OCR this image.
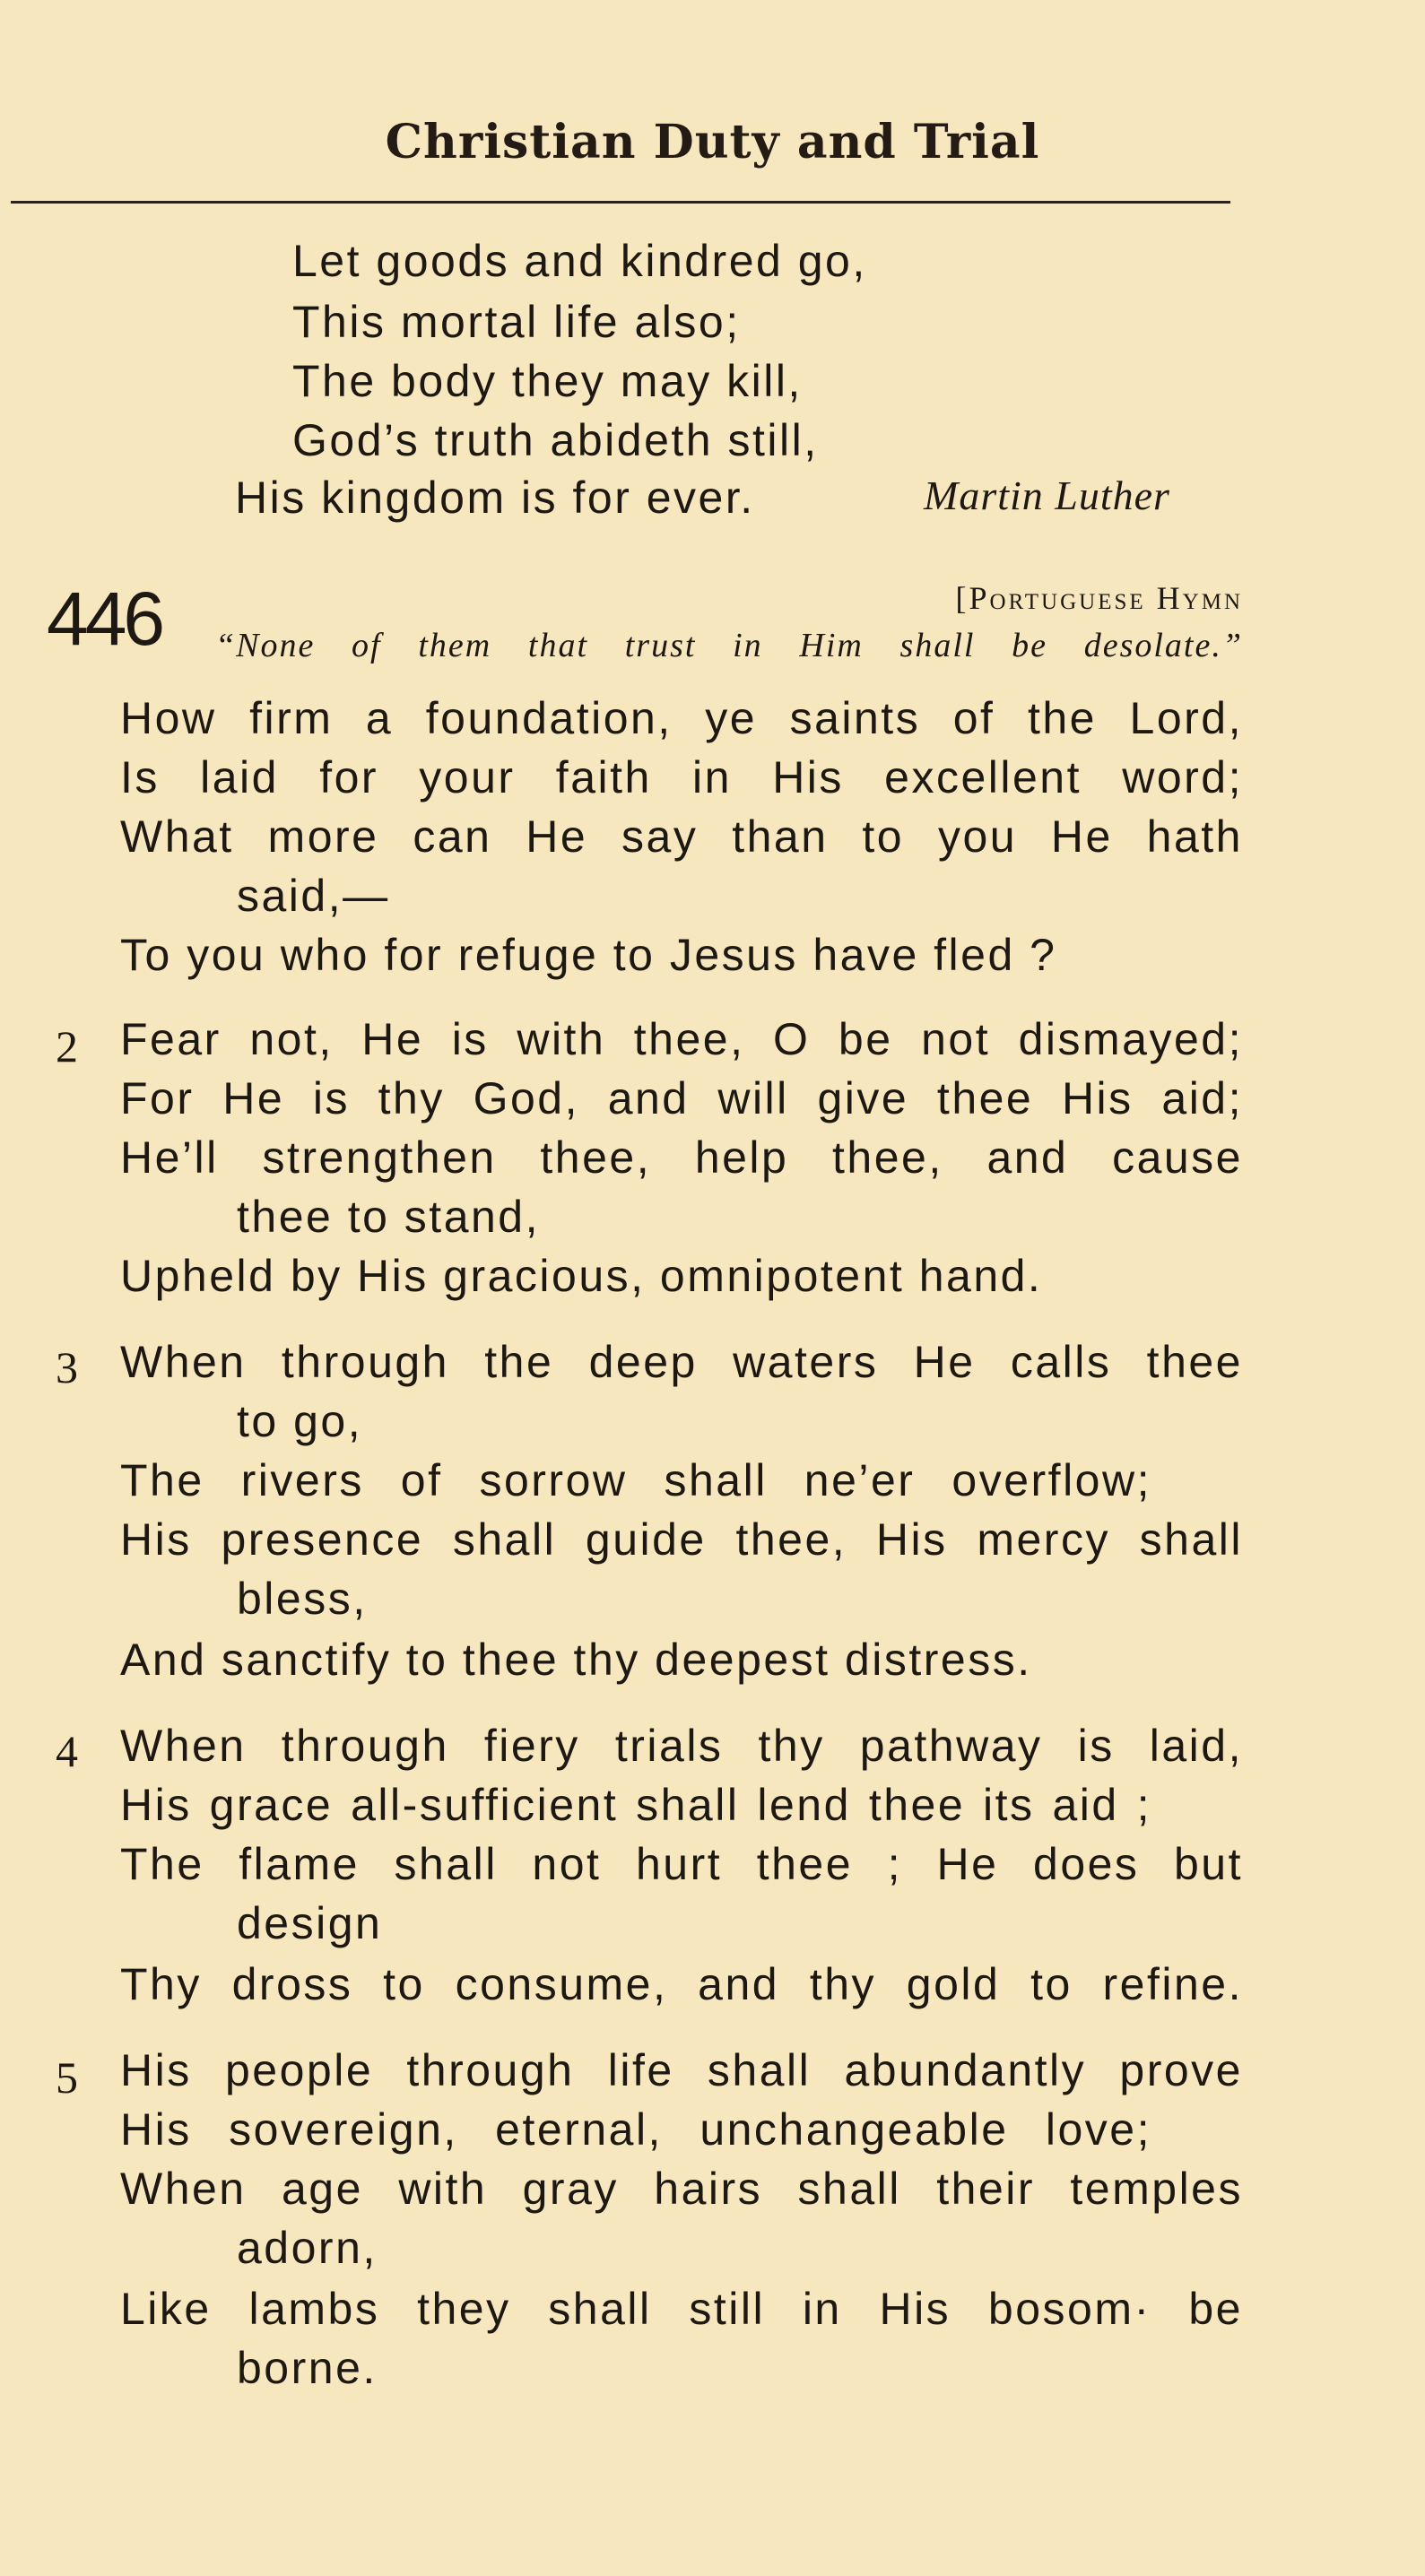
Christian Duty and Trial
Let goods and kindred go,
This mortal life also;
The body they may kill,
God’s truth abideth still,
His kingdom is for ever.	Martin Luther
446	[Portuguese Hymn
“None of them that trust in Him shall be desolate.”
2
3
4
5
How firm a foundation, ye saints of the Lord,
Is laid for your faith in His excellent word;
What more can He say than to you He hath
said,—
To you who for refuge to Jesus have fled ?
Fear not, He is with thee, O be not dismayed;
For He is thy God, and will give thee His aid;
He’ll strengthen thee, help thee, and cause
thee to stand,
Upheld by His gracious, omnipotent hand.
When through the deep waters He calls thee
to go,
The rivers of sorrow shall ne’er overflow;
His presence shall guide thee, His mercy shall
bless,
And sanctify to thee thy deepest distress.
When through fiery trials thy pathway is laid,
His grace all-sufficient shall lend thee its aid ;
The flame shall not hurt thee ; He does but
design
Thy dross to consume, and thy gold to refine.
His people through life shall abundantly prove
His sovereign, eternal, unchangeable love;
When age with gray hairs shall their temples
adorn,
Like lambs they shall still in His bosom· be
borne.
